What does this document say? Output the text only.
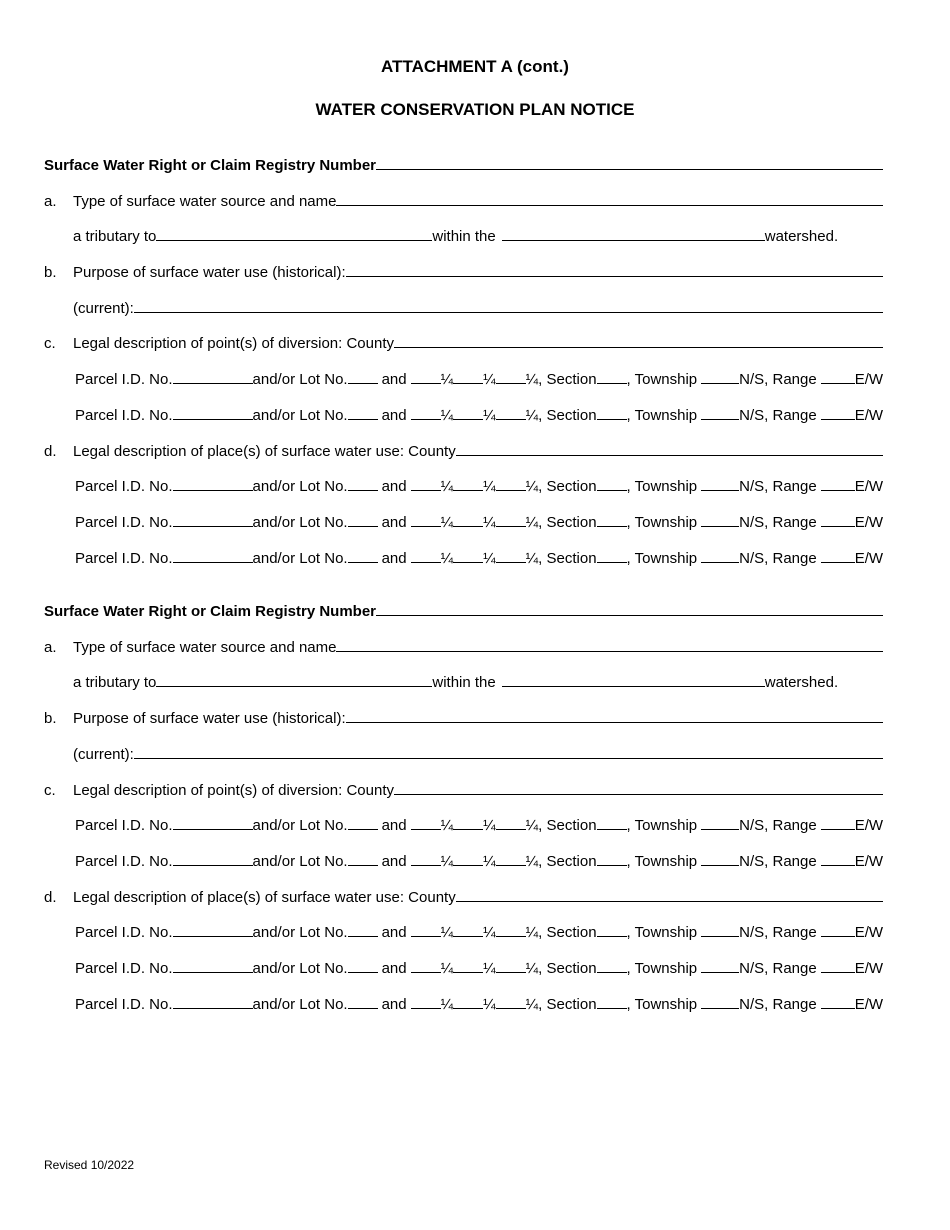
ATTACHMENT A (cont.)
WATER CONSERVATION PLAN NOTICE
Surface Water Right or Claim Registry Number
a.	Type of surface water source and name
a tributary to	within the	watershed.
b.	Purpose of surface water use (historical):
(current):
c.	Legal description of point(s) of diversion: County
Parcel I.D. No.	and/or Lot No. and ¼ ¼ ¼, Section , Township	N/S, Range	E/W
Parcel I.D. No.	and/or Lot No. and ¼ ¼ ¼, Section , Township	N/S, Range	E/W
d.	Legal description of place(s) of surface water use: County
Parcel I.D. No.	and/or Lot No. and ¼ ¼ ¼, Section , Township	N/S, Range	E/W
Parcel I.D. No.	and/or Lot No. and ¼ ¼ ¼, Section , Township	N/S, Range	E/W
Parcel I.D. No.	and/or Lot No. and ¼ ¼ ¼, Section , Township	N/S, Range	E/W
Surface Water Right or Claim Registry Number
a.	Type of surface water source and name
a tributary to	within the	watershed.
b.	Purpose of surface water use (historical):
(current):
c.	Legal description of point(s) of diversion: County
Parcel I.D. No.	and/or Lot No. and ¼ ¼ ¼, Section , Township	N/S, Range	E/W
Parcel I.D. No.	and/or Lot No. and ¼ ¼ ¼, Section , Township	N/S, Range	E/W
d.	Legal description of place(s) of surface water use: County
Parcel I.D. No.	and/or Lot No. and ¼ ¼ ¼, Section , Township	N/S, Range	E/W
Parcel I.D. No.	and/or Lot No. and ¼ ¼ ¼, Section , Township	N/S, Range	E/W
Parcel I.D. No.	and/or Lot No. and ¼ ¼ ¼, Section , Township	N/S, Range	E/W
Revised 10/2022
